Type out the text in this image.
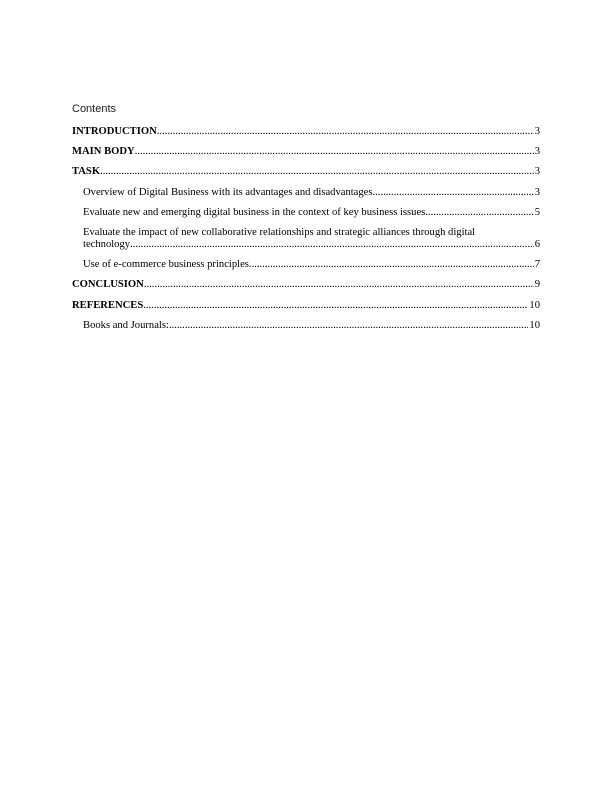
Contents
INTRODUCTION .....	3
MAIN BODY .....	3
TASK .....	3
Overview of Digital Business with its advantages and disadvantages. .....	3
Evaluate new and emerging digital business in the context of key business issues. .....	5
Evaluate the impact of new collaborative relationships and strategic alliances through digital
technology .....	6
Use of e-commerce business principles. .....	7
CONCLUSION .....	9
REFERENCES .....	10
Books and Journals: .....	10
